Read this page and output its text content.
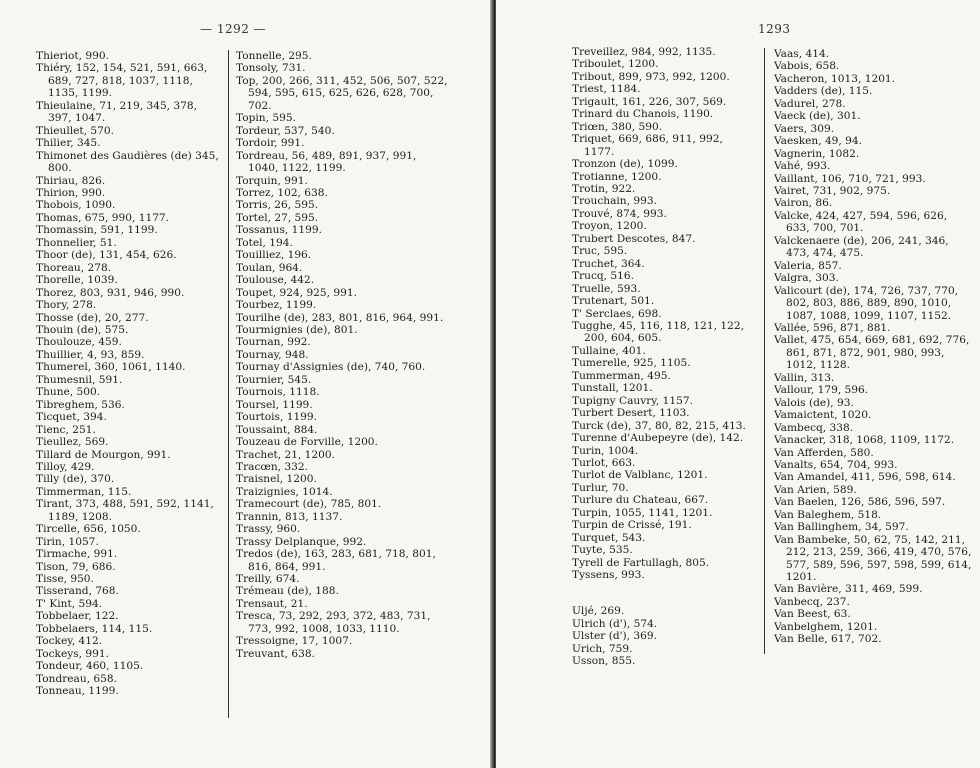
— 1292 —
Thieriot, 990.
Thiéry, 152, 154, 521, 591, 663, 689, 727, 818, 1037, 1118, 1135, 1199.
Thieulaine, 71, 219, 345, 378, 397, 1047.
Thieullet, 570.
Thilier, 345.
Thimonet des Gaudières (de) 345, 800.
Thiriau, 826.
Thirion, 990.
Thobois, 1090.
Thomas, 675, 990, 1177.
Thomassin, 591, 1199.
Thonnelier, 51.
Thoor (de), 131, 454, 626.
Thoreau, 278.
Thorelle, 1039.
Thorez, 803, 931, 946, 990.
Thory, 278.
Thosse (de), 20, 277.
Thouin (de), 575.
Thoulouze, 459.
Thuillier, 4, 93, 859.
Thumerel, 360, 1061, 1140.
Thumesnil, 591.
Thune, 500.
Tibreghem, 536.
Ticquet, 394.
Tienc, 251.
Tieullez, 569.
Tillard de Mourgon, 991.
Tilloy, 429.
Tilly (de), 370.
Timmerman, 115.
Tirant, 373, 488, 591, 592, 1141, 1189, 1208.
Tircelle, 656, 1050.
Tirin, 1057.
Tirmache, 991.
Tison, 79, 686.
Tisse, 950.
Tisserand, 768.
T' Kint, 594.
Tobbelaer, 122.
Tobbelaers, 114, 115.
Tockey, 412.
Tockeys, 991.
Tondeur, 460, 1105.
Tondreau, 658.
Tonneau, 1199.
Tonnelle, 295.
Tonsoly, 731.
Top, 200, 266, 311, 452, 506, 507, 522, 594, 595, 615, 625, 626, 628, 700, 702.
Topin, 595.
Tordeur, 537, 540.
Tordoir, 991.
Tordreau, 56, 489, 891, 937, 991, 1040, 1122, 1199.
Torquin, 991.
Torrez, 102, 638.
Torris, 26, 595.
Tortel, 27, 595.
Tossanus, 1199.
Totel, 194.
Touilliez, 196.
Toulan, 964.
Toulouse, 442.
Toupet, 924, 925, 991.
Tourbez, 1199.
Tourilhe (de), 283, 801, 816, 964, 991.
Tourmignies (de), 801.
Tournan, 992.
Tournay, 948.
Tournay d'Assignies (de), 740, 760.
Tournier, 545.
Tournois, 1118.
Toursel, 1199.
Tourtois, 1199.
Toussaint, 884.
Touzeau de Forville, 1200.
Trachet, 21, 1200.
Tracœn, 332.
Traisnel, 1200.
Traizignies, 1014.
Tramecourt (de), 785, 801.
Trannin, 813, 1137.
Trassy, 960.
Trassy Delplanque, 992.
Tredos (de), 163, 283, 681, 718, 801, 816, 864, 991.
Treilly, 674.
Trémeau (de), 188.
Trensaut, 21.
Tresca, 73, 292, 293, 372, 483, 731, 773, 992, 1008, 1033, 1110.
Tressoigne, 17, 1007.
Treuvant, 638.
1293
Treveillez, 984, 992, 1135.
Triboulet, 1200.
Tribout, 899, 973, 992, 1200.
Triest, 1184.
Trigault, 161, 226, 307, 569.
Trinard du Chanois, 1190.
Triœn, 380, 590.
Triquet, 669, 686, 911, 992, 1177.
Tronzon (de), 1099.
Trotianne, 1200.
Trotin, 922.
Trouchain, 993.
Trouvé, 874, 993.
Troyon, 1200.
Trubert Descotes, 847.
Truc, 595.
Truchet, 364.
Trucq, 516.
Truelle, 593.
Trutenart, 501.
T' Serclaes, 698.
Tugghe, 45, 116, 118, 121, 122, 200, 604, 605.
Tullaine, 401.
Tumerelle, 925, 1105.
Tummerman, 495.
Tunstall, 1201.
Tupigny Cauvry, 1157.
Turbert Desert, 1103.
Turck (de), 37, 80, 82, 215, 413.
Turenne d'Aubepeyre (de), 142.
Turin, 1004.
Turlot, 663.
Turlot de Valblanc, 1201.
Turlur, 70.
Turlure du Chateau, 667.
Turpin, 1055, 1141, 1201.
Turpin de Crissé, 191.
Turquet, 543.
Tuyte, 535.
Tyrell de Fartullagh, 805.
Tyssens, 993.
Uljé, 269.
Ulrich (d'), 574.
Ulster (d'), 369.
Urich, 759.
Usson, 855.
Vaas, 414.
Vabois, 658.
Vacheron, 1013, 1201.
Vadders (de), 115.
Vadurel, 278.
Vaeck (de), 301.
Vaers, 309.
Vaesken, 49, 94.
Vagnerin, 1082.
Vahé, 993.
Vaillant, 106, 710, 721, 993.
Vairet, 731, 902, 975.
Vairon, 86.
Valcke, 424, 427, 594, 596, 626, 633, 700, 701.
Valckenaere (de), 206, 241, 346, 473, 474, 475.
Valeria, 857.
Valgra, 303.
Valicourt (de), 174, 726, 737, 770, 802, 803, 886, 889, 890, 1010, 1087, 1088, 1099, 1107, 1152.
Vallée, 596, 871, 881.
Vallet, 475, 654, 669, 681, 692, 776, 861, 871, 872, 901, 980, 993, 1012, 1128.
Vallin, 313.
Vallour, 179, 596.
Valois (de), 93.
Vamaictent, 1020.
Vambecq, 338.
Vanacker, 318, 1068, 1109, 1172.
Van Afferden, 580.
Vanalts, 654, 704, 993.
Van Amandel, 411, 596, 598, 614.
Van Arien, 589.
Van Baelen, 126, 586, 596, 597.
Van Baleghem, 518.
Van Ballinghem, 34, 597.
Van Bambeke, 50, 62, 75, 142, 211, 212, 213, 259, 366, 419, 470, 576, 577, 589, 596, 597, 598, 599, 614, 1201.
Van Bavière, 311, 469, 599.
Vanbecq, 237.
Van Beest, 63.
Vanbelghem, 1201.
Van Belle, 617, 702.
